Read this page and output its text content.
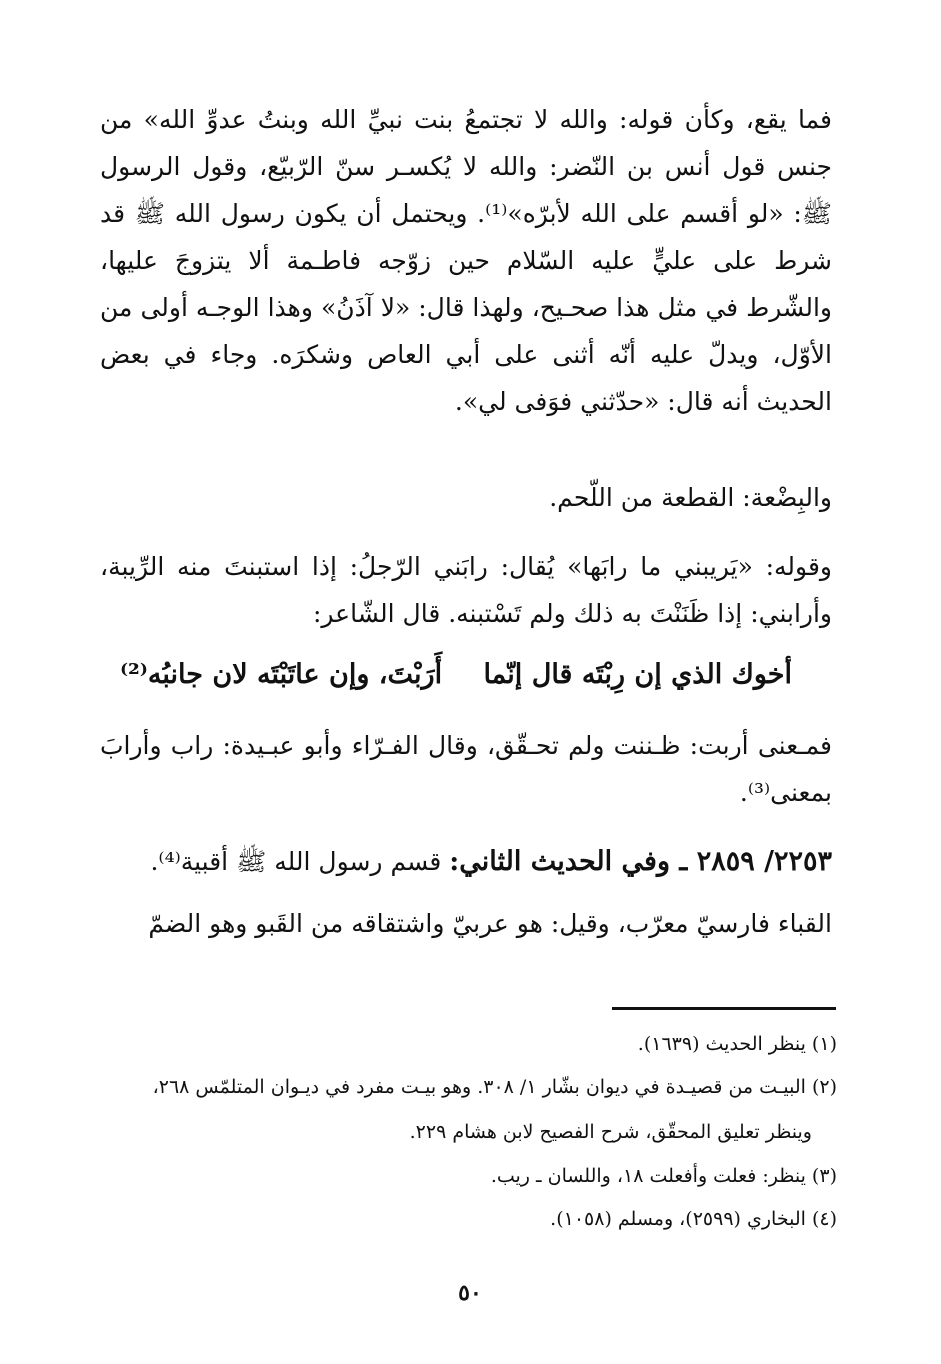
فما يقع، وكأن قوله: والله لا تجتمعُ بنت نبيِّ الله وبنتُ عدوِّ الله» من جنس قول أنس بن النّضر: والله لا يُكسـر سنّ الرّبيّع، وقول الرسول ﷺ: «لو أقسم على الله لأبرّه»⁽¹⁾. ويحتمل أن يكون رسول الله ﷺ قد شرط على عليٍّ عليه السّلام حين زوّجه فاطـمة ألا يتزوجَ عليها، والشّرط في مثل هذا صحـيح، ولهذا قال: «لا آذَنُ» وهذا الوجـه أولى من الأوّل، ويدلّ عليه أنّه أثنى على أبي العاص وشكرَه. وجاء في بعض الحديث أنه قال: «حدّثني فوَفى لي».

والبِضْعة: القطعة من اللّحم.

وقوله: «يَريبني ما رابَها» يُقال: رابَني الرّجلُ: إذا استبنتَ منه الرِّيبة، وأرابني: إذا ظَنَنْتَ به ذلك ولم تَسْتبنه. قال الشّاعر:

أخوك الذي إن رِبْتَه قال إنّما
أَرَبْتَ، وإن عاتَبْتَه لان جانبُه⁽²⁾

فمـعنى أربت: ظـننت ولم تحـقّق، وقال الفـرّاء وأبو عبـيدة: راب وأرابَ بمعنى⁽³⁾.

٢٢٥٣/ ٢٨٥٩ ـ وفي الحديث الثاني: قسم رسول الله ﷺ أقبية⁽⁴⁾.

القباء فارسيّ معرّب، وقيل: هو عربيّ واشتقاقه من القَبو وهو الضمّ

(١) ينظر الحديث (١٦٣٩).

(٢) البيـت من قصيـدة في ديوان بشّار ١/ ٣٠٨. وهو بيـت مفرد في ديـوان المتلمّس ٢٦٨،

وينظر تعليق المحقّق، شرح الفصيح لابن هشام ٢٢٩.

(٣) ينظر: فعلت وأفعلت ١٨، واللسان ـ ريب.

(٤) البخاري (٢٥٩٩)، ومسلم (١٠٥٨).

٥٠
